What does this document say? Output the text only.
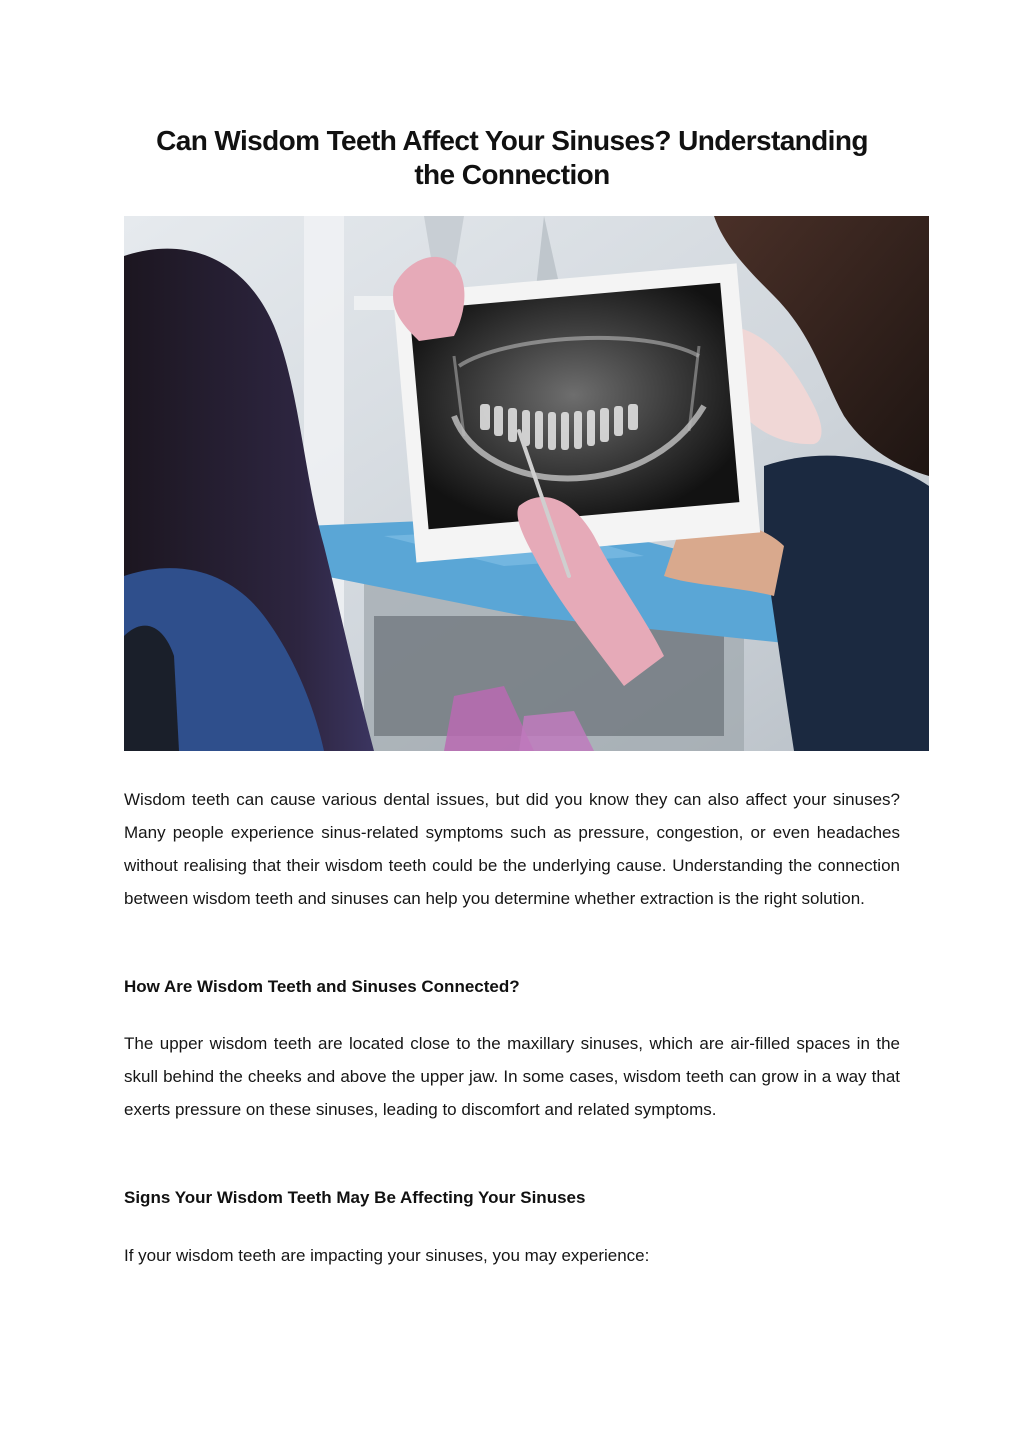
Can Wisdom Teeth Affect Your Sinuses? Understanding
the Connection

Wisdom teeth can cause various dental issues, but did you know they can also affect your sinuses? Many people experience sinus-related symptoms such as pressure, congestion, or even headaches without realising that their wisdom teeth could be the underlying cause. Understanding the connection between wisdom teeth and sinuses can help you determine whether extraction is the right solution.

How Are Wisdom Teeth and Sinuses Connected?

The upper wisdom teeth are located close to the maxillary sinuses, which are air-filled spaces in the skull behind the cheeks and above the upper jaw. In some cases, wisdom teeth can grow in a way that exerts pressure on these sinuses, leading to discomfort and related symptoms.

Signs Your Wisdom Teeth May Be Affecting Your Sinuses

If your wisdom teeth are impacting your sinuses, you may experience:
